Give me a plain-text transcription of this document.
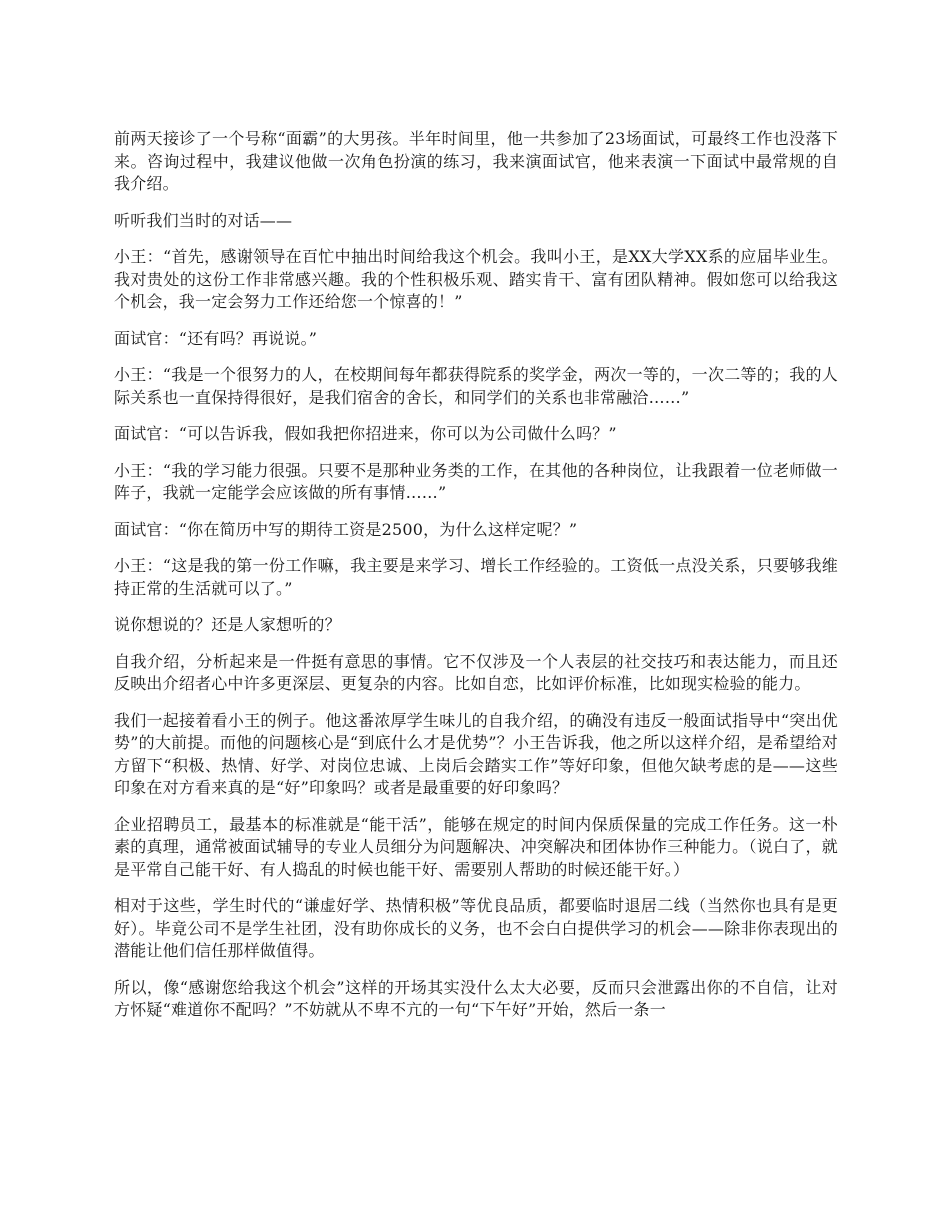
前两天接诊了一个号称“面霸”的大男孩。半年时间里，他一共参加了23场面试，可最终工作也没落下来。咨询过程中，我建议他做一次角色扮演的练习，我来演面试官，他来表演一下面试中最常规的自我介绍。

听听我们当时的对话——

小王：“首先，感谢领导在百忙中抽出时间给我这个机会。我叫小王，是XX大学XX系的应届毕业生。我对贵处的这份工作非常感兴趣。我的个性积极乐观、踏实肯干、富有团队精神。假如您可以给我这个机会，我一定会努力工作还给您一个惊喜的！”

面试官：“还有吗？再说说。”

小王：“我是一个很努力的人，在校期间每年都获得院系的奖学金，两次一等的，一次二等的；我的人际关系也一直保持得很好，是我们宿舍的舍长，和同学们的关系也非常融洽……”

面试官：“可以告诉我，假如我把你招进来，你可以为公司做什么吗？”

小王：“我的学习能力很强。只要不是那种业务类的工作，在其他的各种岗位，让我跟着一位老师做一阵子，我就一定能学会应该做的所有事情……”

面试官：“你在简历中写的期待工资是2500，为什么这样定呢？”

小王：“这是我的第一份工作嘛，我主要是来学习、增长工作经验的。工资低一点没关系，只要够我维持正常的生活就可以了。”

说你想说的？还是人家想听的？

自我介绍，分析起来是一件挺有意思的事情。它不仅涉及一个人表层的社交技巧和表达能力，而且还反映出介绍者心中许多更深层、更复杂的内容。比如自恋，比如评价标准，比如现实检验的能力。

我们一起接着看小王的例子。他这番浓厚学生味儿的自我介绍，的确没有违反一般面试指导中“突出优势”的大前提。而他的问题核心是“到底什么才是优势”？小王告诉我，他之所以这样介绍，是希望给对方留下“积极、热情、好学、对岗位忠诚、上岗后会踏实工作”等好印象，但他欠缺考虑的是——这些印象在对方看来真的是“好”印象吗？或者是最重要的好印象吗？

企业招聘员工，最基本的标准就是“能干活”，能够在规定的时间内保质保量的完成工作任务。这一朴素的真理，通常被面试辅导的专业人员细分为问题解决、冲突解决和团体协作三种能力。（说白了，就是平常自己能干好、有人捣乱的时候也能干好、需要别人帮助的时候还能干好。）

相对于这些，学生时代的“谦虚好学、热情积极”等优良品质，都要临时退居二线（当然你也具有是更好）。毕竟公司不是学生社团，没有助你成长的义务，也不会白白提供学习的机会——除非你表现出的潜能让他们信任那样做值得。

所以，像“感谢您给我这个机会”这样的开场其实没什么太大必要，反而只会泄露出你的不自信，让对方怀疑“难道你不配吗？”不妨就从不卑不亢的一句“下午好”开始，然后一条一
